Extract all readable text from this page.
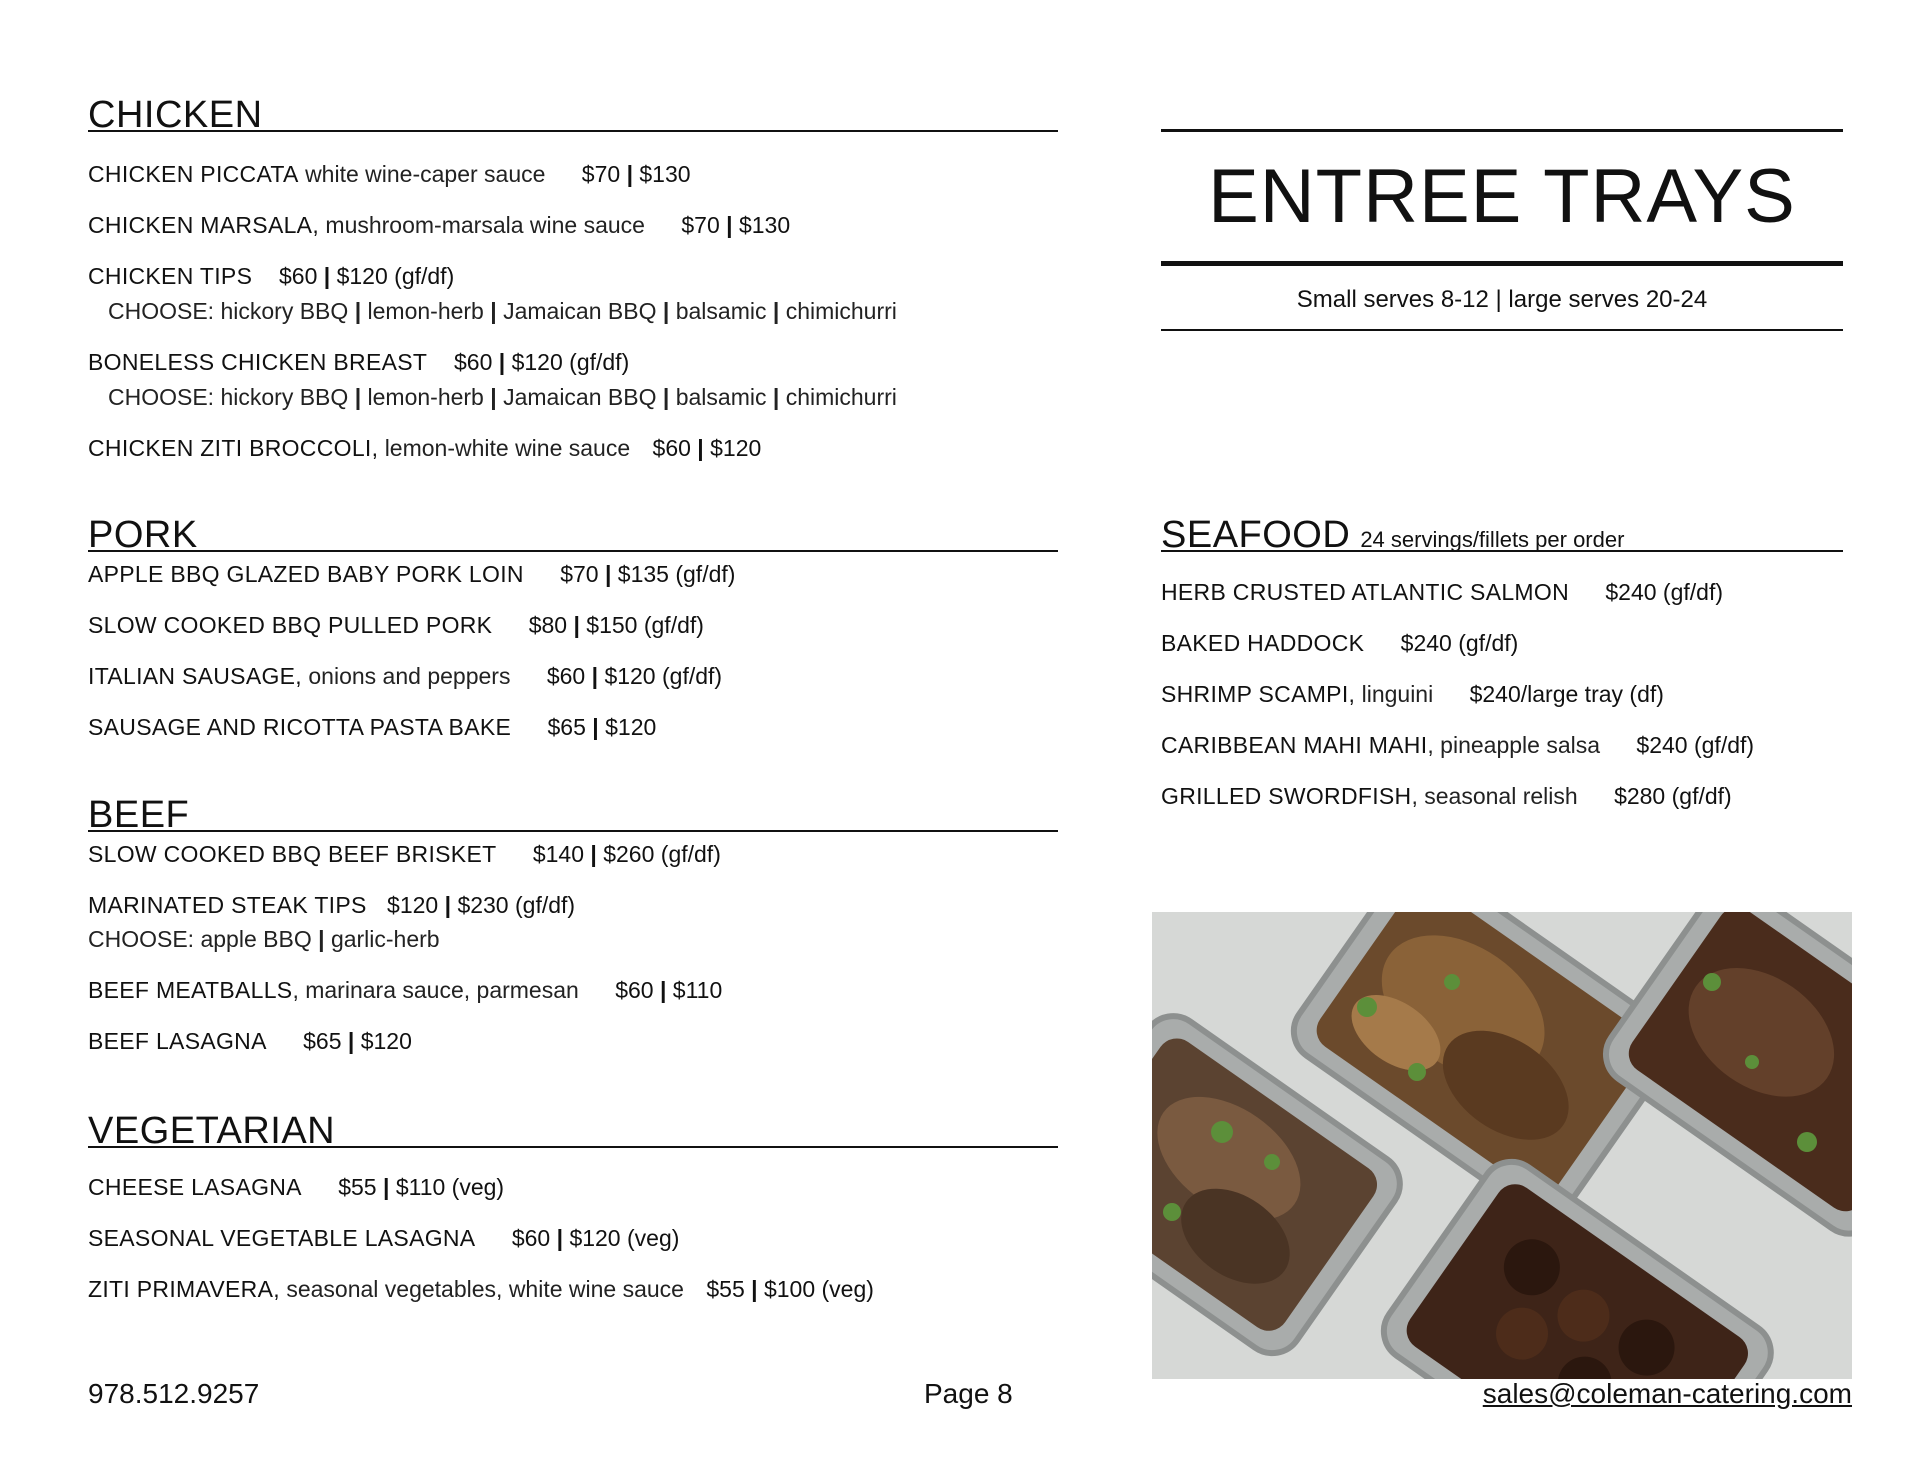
CHICKEN
CHICKEN PICCATA white wine-caper sauce $70 | $130
CHICKEN MARSALA, mushroom-marsala wine sauce $70 | $130
CHICKEN TIPS $60 | $120 (gf/df)
CHOOSE: hickory BBQ | lemon-herb | Jamaican BBQ | balsamic | chimichurri
BONELESS CHICKEN BREAST $60 | $120 (gf/df)
CHOOSE: hickory BBQ | lemon-herb | Jamaican BBQ | balsamic | chimichurri
CHICKEN ZITI BROCCOLI, lemon-white wine sauce $60 | $120
PORK
APPLE BBQ GLAZED BABY PORK LOIN $70 | $135 (gf/df)
SLOW COOKED BBQ PULLED PORK $80 | $150 (gf/df)
ITALIAN SAUSAGE, onions and peppers $60 | $120 (gf/df)
SAUSAGE AND RICOTTA PASTA BAKE $65 | $120
BEEF
SLOW COOKED BBQ BEEF BRISKET $140 | $260 (gf/df)
MARINATED STEAK TIPS $120 | $230 (gf/df)
CHOOSE: apple BBQ | garlic-herb
BEEF MEATBALLS, marinara sauce, parmesan $60 | $110
BEEF LASAGNA $65 | $120
VEGETARIAN
CHEESE LASAGNA $55 | $110 (veg)
SEASONAL VEGETABLE LASAGNA $60 | $120 (veg)
ZITI PRIMAVERA, seasonal vegetables, white wine sauce $55 | $100 (veg)
ENTREE TRAYS
Small serves 8-12 | large serves 20-24
SEAFOOD 24 servings/fillets per order
HERB CRUSTED ATLANTIC SALMON $240 (gf/df)
BAKED HADDOCK $240 (gf/df)
SHRIMP SCAMPI, linguini $240/large tray (df)
CARIBBEAN MAHI MAHI, pineapple salsa $240 (gf/df)
GRILLED SWORDFISH, seasonal relish $280 (gf/df)
978.512.9257	Page 8	sales@coleman-catering.com
